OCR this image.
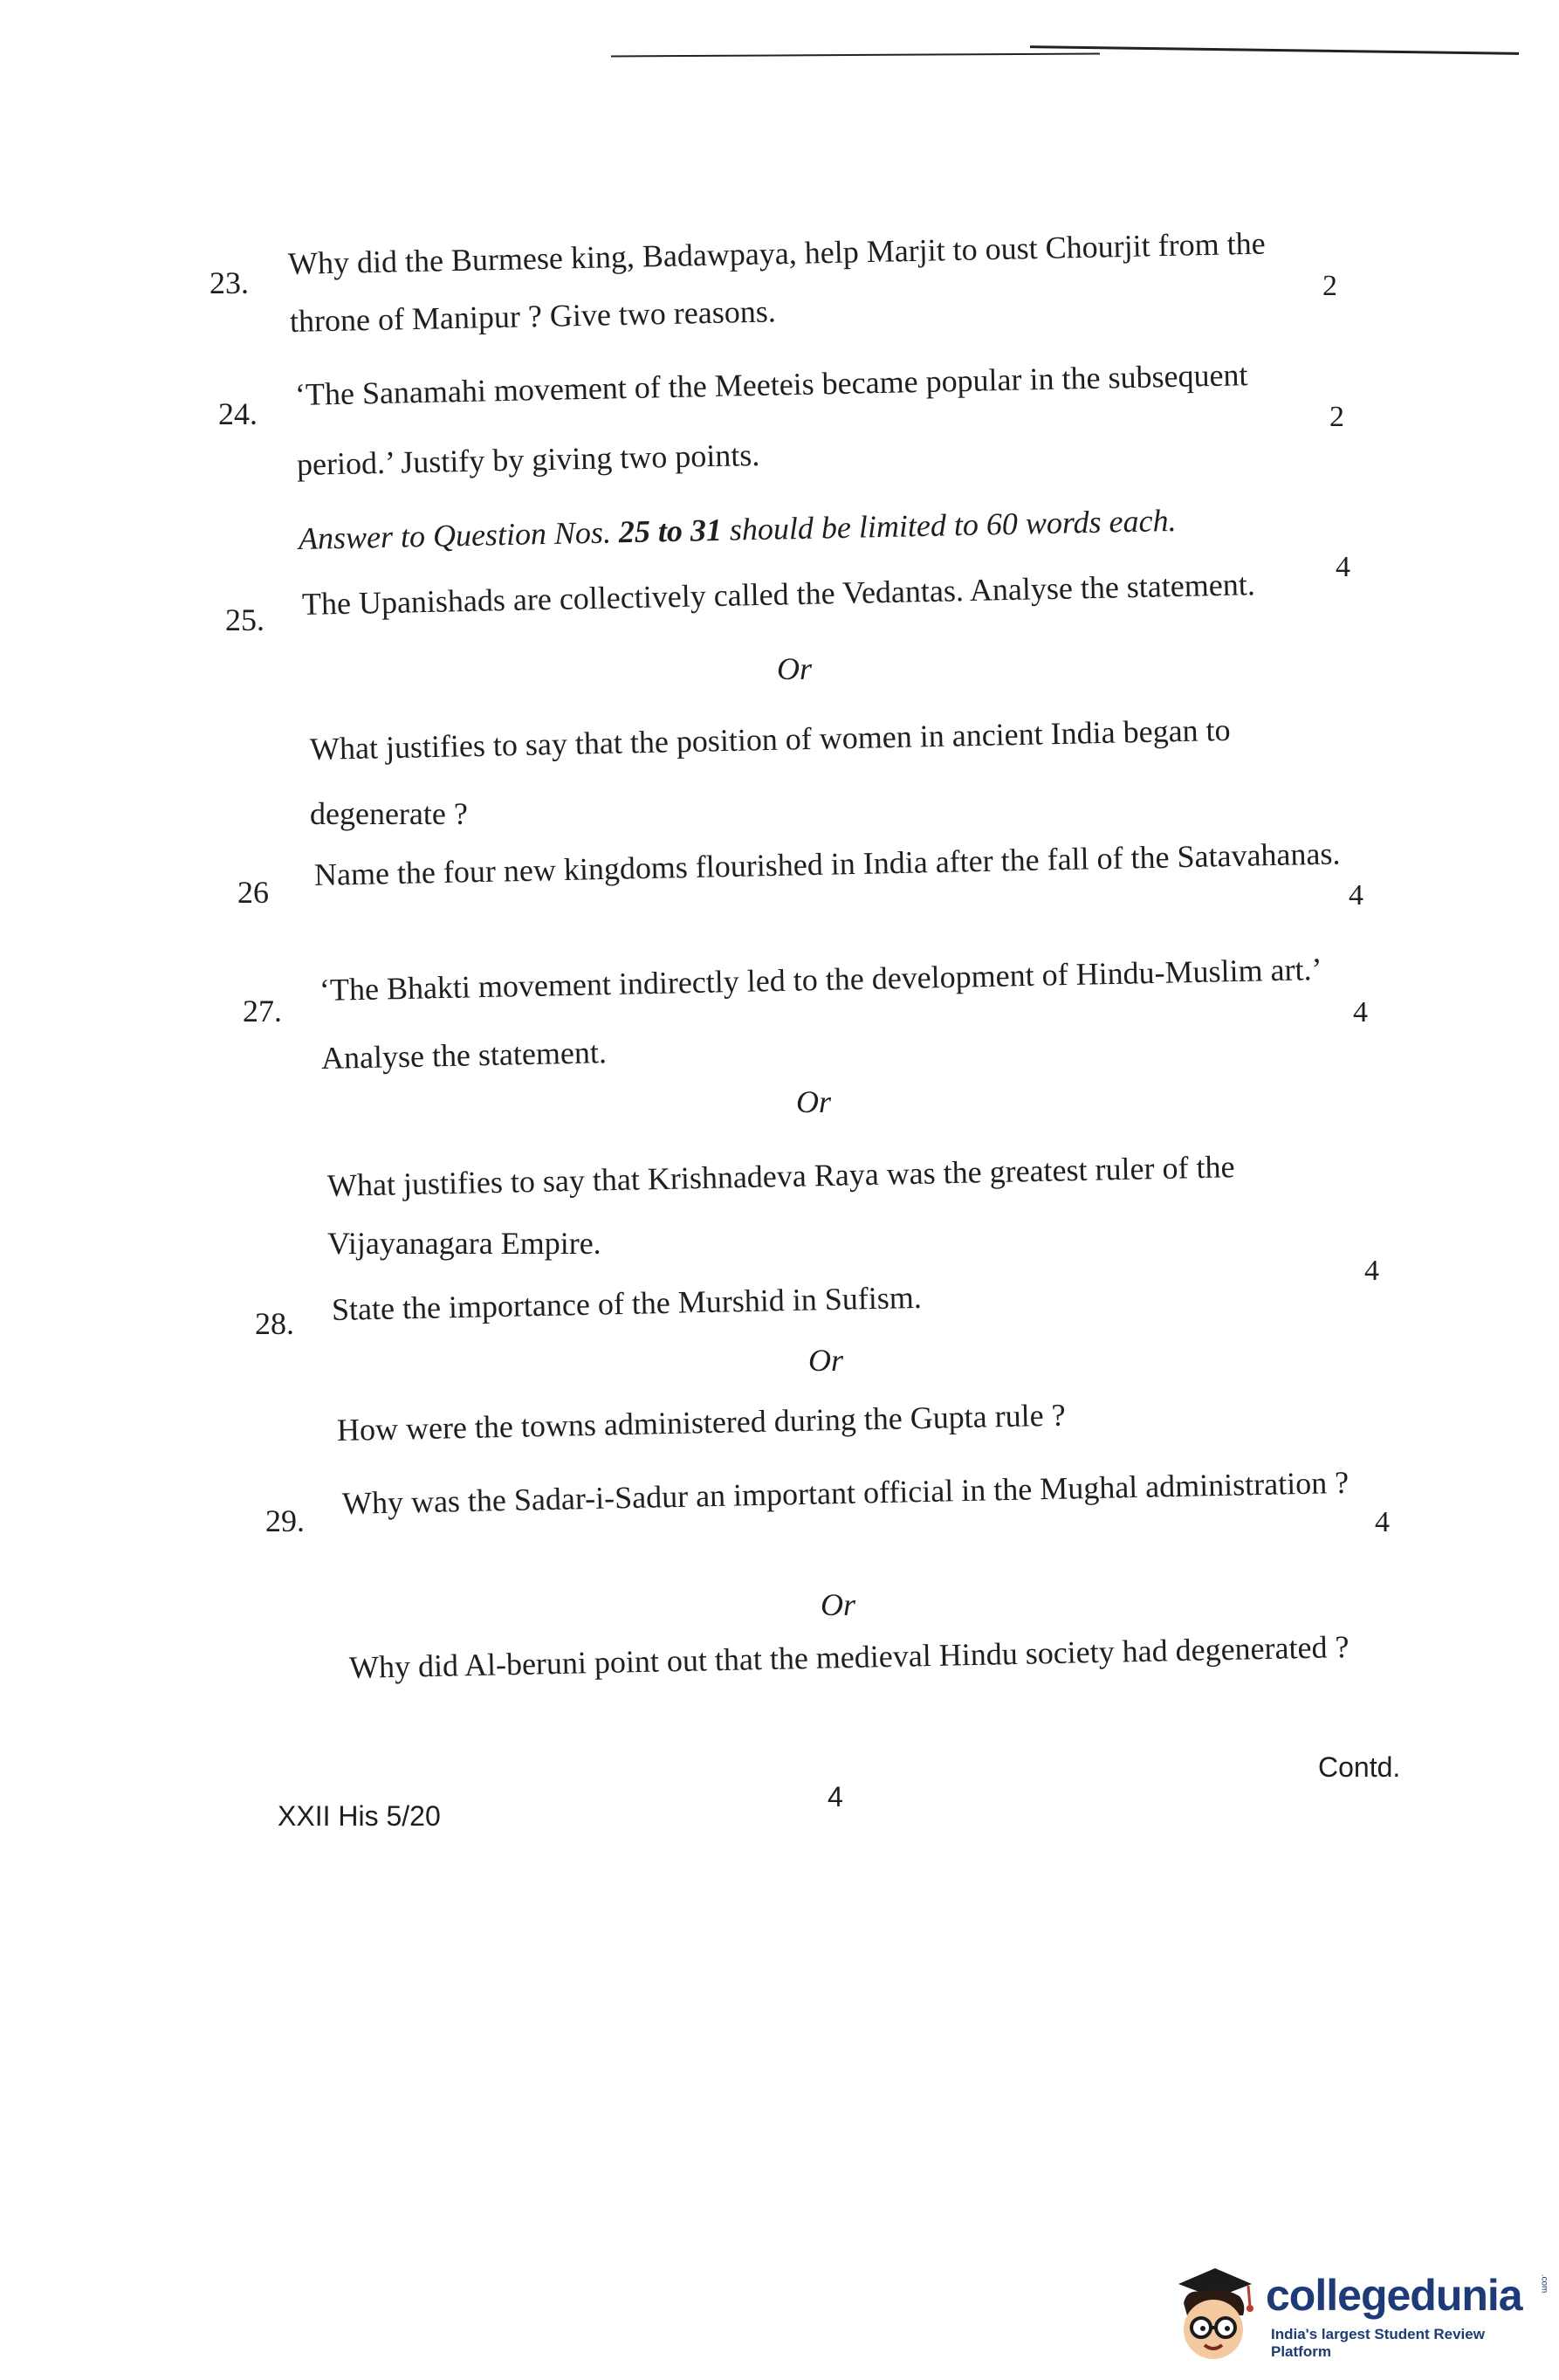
23.
Why did the Burmese king, Badawpaya, help Marjit to oust Chourjit from the
2
throne of Manipur ? Give two reasons.
24.
‘The Sanamahi movement of the Meeteis became popular in the subsequent
2
period.’ Justify by giving two points.
Answer to Question Nos. 25 to 31 should be limited to 60 words each.
25. The Upanishads are collectively called the Vedantas. Analyse the statement.	4
Or
What justifies to say that the position of women in ancient India began to
degenerate ?
26
Name the four new kingdoms flourished in India after the fall of the Satavahanas.
4
27.
‘The Bhakti movement indirectly led to the development of Hindu-Muslim art.’
4
Analyse the statement.
Or
What justifies to say that Krishnadeva Raya was the greatest ruler of the
Vijayanagara Empire.
28. State the importance of the Murshid in Sufism.
4
Or
How were the towns administered during the Gupta rule ?
29.
Why was the Sadar-i-Sadur an important official in the Mughal administration ?
4
Or
Why did Al-beruni point out that the medieval Hindu society had degenerated ?
Contd.
4
XXII His 5/20
collegedunia .com
India's largest Student Review Platform
